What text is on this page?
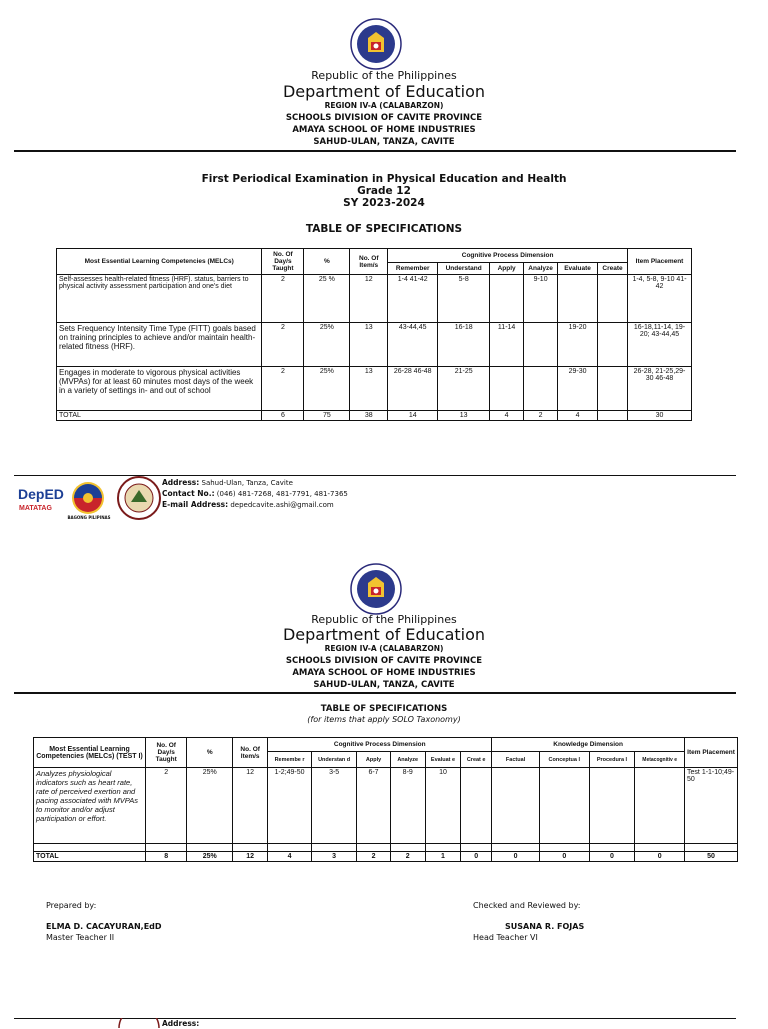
Republic of the Philippines
Department of Education
REGION IV-A (CALABARZON)
SCHOOLS DIVISION OF CAVITE PROVINCE
AMAYA SCHOOL OF HOME INDUSTRIES
SAHUD-ULAN, TANZA, CAVITE
First Periodical Examination in Physical Education and Health
Grade 12
SY 2023-2024
TABLE OF SPECIFICATIONS
Most Essential Learning Competencies (MELCs)	No. Of Day/s Taught	%	No. Of Item/s	Cognitive Process Dimension						Item Placement
				Remember	Understand	Apply	Analyze	Evaluate	Create	
Self-assesses health-related fitness (HRF). status, barriers to physical activity assessment participation and one's diet	2	25 %	12	1-4 41-42	5-8		9-10			1-4, 5-8, 9-10 41-42
Sets Frequency Intensity Time Type (FITT) goals based on training principles to achieve and/or maintain health-related fitness (HRF).	2	25%	13	43-44,45	16-18	11-14		19-20		16-18,11-14, 19-20; 43-44,45
Engages in moderate to vigorous physical activities (MVPAs) for at least 60 minutes most days of the week in a variety of settings in- and out of school	2	25%	13	26-28 46-48	21-25			29-30		26-28, 21-25,29-30 46-48
TOTAL	6	75	38	14	13	4	2	4		30
DepED
MATATAG
BAGONG PILIPINAS
Address: Sahud-Ulan, Tanza, Cavite
Contact No.: (046) 481-7268, 481-7791, 481-7365
E-mail Address: depedcavite.ashi@gmail.com
Republic of the Philippines
Department of Education
REGION IV-A (CALABARZON)
SCHOOLS DIVISION OF CAVITE PROVINCE
AMAYA SCHOOL OF HOME INDUSTRIES
SAHUD-ULAN, TANZA, CAVITE
TABLE OF SPECIFICATIONS
(for items that apply SOLO Taxonomy)
Most Essential Learning Competencies (MELCs) (TEST I)	No. Of Day/s Taught	%	No. Of Item/s	Cognitive Process Dimension						Knowledge Dimension				Item Placement
				Remembe r	Understan d	Apply	Analyze	Evaluat e	Creat e	Factual	Conceptua l	Procedura l	Metacognitiv e	
Analyzes physiological indicators such as heart rate, rate of perceived exertion and pacing associated with MVPAs to monitor and/or adjust participation or effort.	2	25%	12	1-2;49-50	3-5	6-7	8-9	10						Test 1-1-10;49-50

TOTAL	8	25%	12	4	3	2	2	1	0	0	0	0	0	50
Prepared by:
ELMA D. CACAYURAN,EdD
Master Teacher II
Checked and Reviewed by:
SUSANA R. FOJAS
Head Teacher VI
Address:
